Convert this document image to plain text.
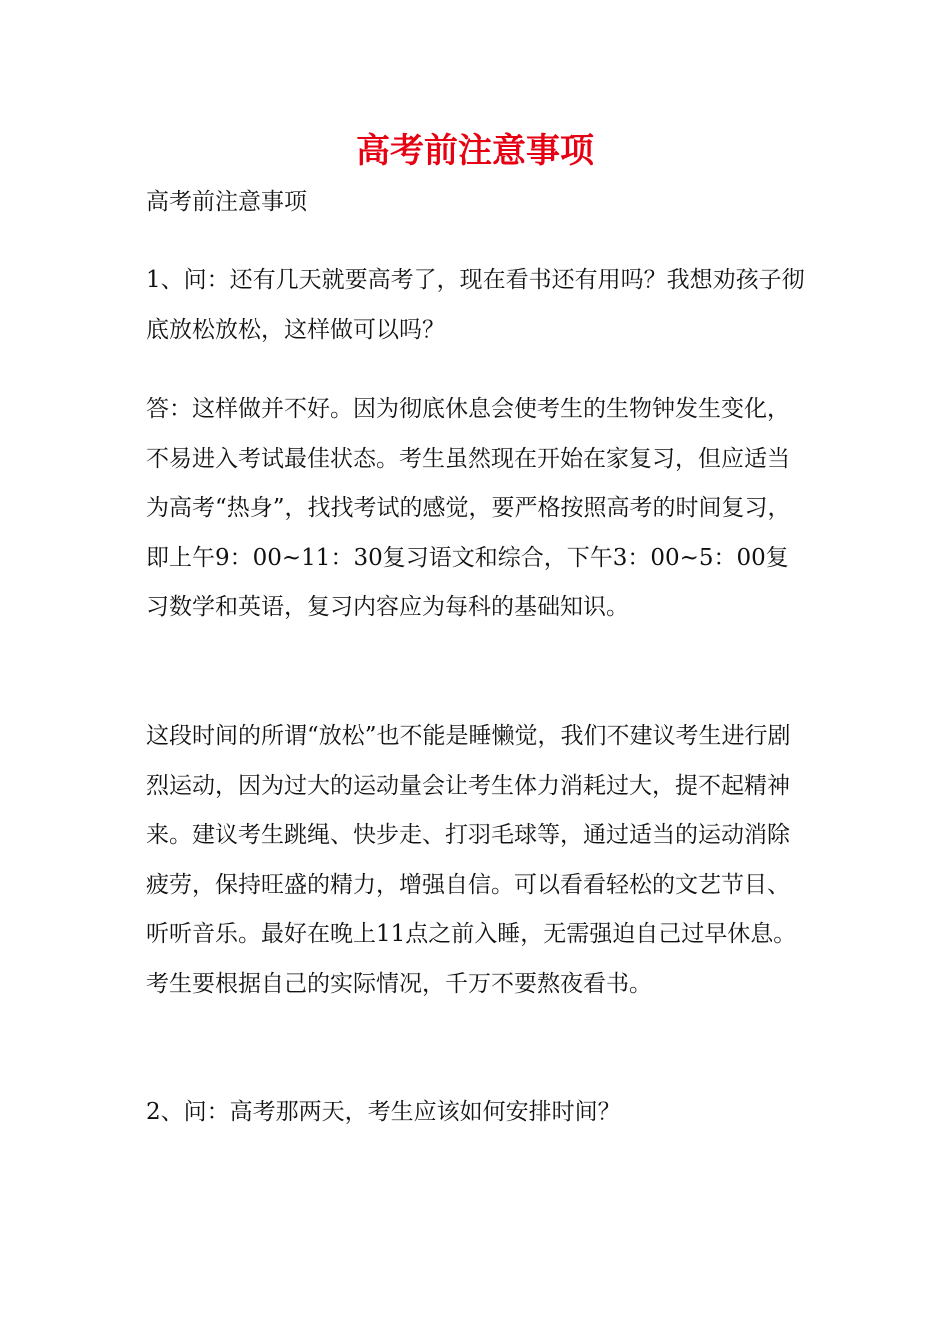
高考前注意事项

高考前注意事项

1、问：还有几天就要高考了，现在看书还有用吗？我想劝孩子彻底放松放松，这样做可以吗？

答：这样做并不好。因为彻底休息会使考生的生物钟发生变化，不易进入考试最佳状态。考生虽然现在开始在家复习，但应适当为高考“热身”，找找考试的感觉，要严格按照高考的时间复习，即上午9：00~11：30复习语文和综合，下午3：00~5：00复习数学和英语，复习内容应为每科的基础知识。

这段时间的所谓“放松”也不能是睡懒觉，我们不建议考生进行剧烈运动，因为过大的运动量会让考生体力消耗过大，提不起精神来。建议考生跳绳、快步走、打羽毛球等，通过适当的运动消除疲劳，保持旺盛的精力，增强自信。可以看看轻松的文艺节目、听听音乐。最好在晚上11点之前入睡，无需强迫自己过早休息。考生要根据自己的实际情况，千万不要熬夜看书。

2、问：高考那两天，考生应该如何安排时间？
